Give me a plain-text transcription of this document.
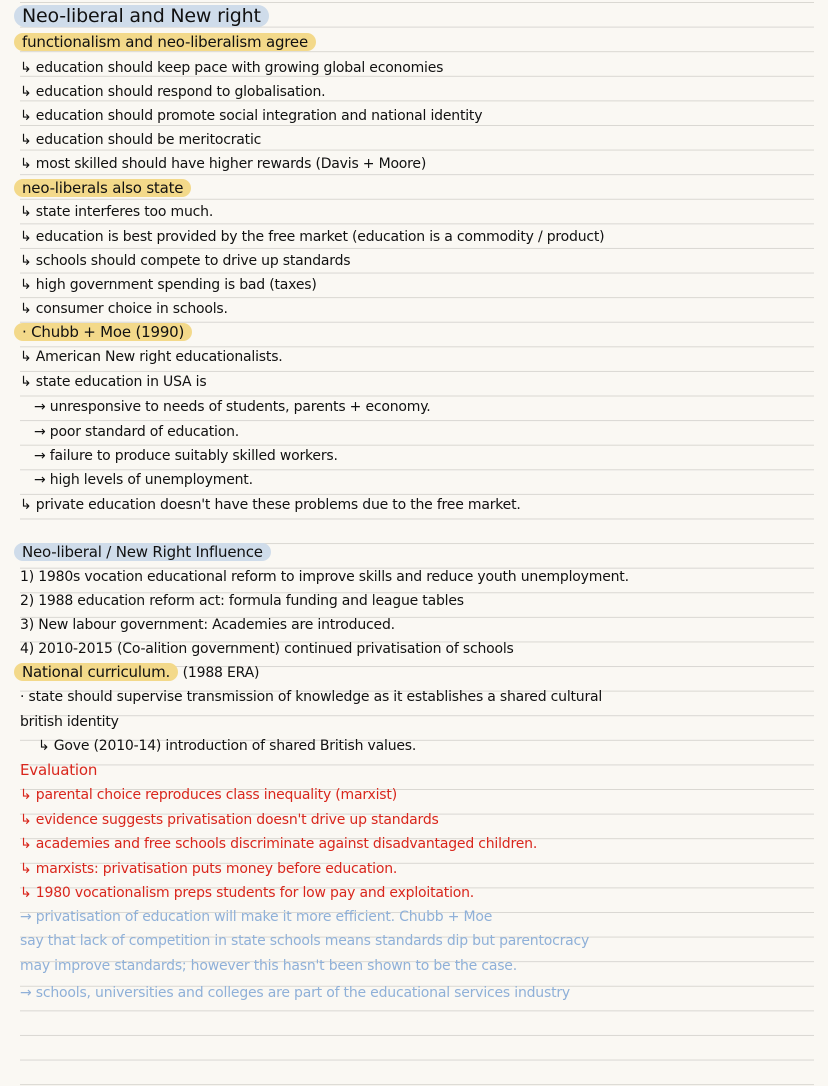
Neo-liberal and New right
functionalism and neo-liberalism agree
↳ education should keep pace with growing global economies
↳ education should respond to globalisation.
↳ education should promote social integration and national identity
↳ education should be meritocratic
↳ most skilled should have higher rewards (Davis + Moore)
neo-liberals also state
↳ state interferes too much.
↳ education is best provided by the free market (education is a commodity / product)
↳ schools should compete to drive up standards
↳ high government spending is bad (taxes)
↳ consumer choice in schools.
· Chubb + Moe (1990)
↳ American New right educationalists.
↳ state education in USA is
→ unresponsive to needs of students, parents + economy.
→ poor standard of education.
→ failure to produce suitably skilled workers.
→ high levels of unemployment.
↳ private education doesn't have these problems due to the free market.
Neo-liberal / New Right Influence
1) 1980s vocation educational reform to improve skills and reduce youth unemployment.
2) 1988 education reform act: formula funding and league tables
3) New labour government: Academies are introduced.
4) 2010-2015 (Co-alition government) continued privatisation of schools
National curriculum. (1988 ERA)
· state should supervise transmission of knowledge as it establishes a shared cultural
british identity
↳ Gove (2010-14) introduction of shared British values.
Evaluation
↳ parental choice reproduces class inequality (marxist)
↳ evidence suggests privatisation doesn't drive up standards
↳ academies and free schools discriminate against disadvantaged children.
↳ marxists: privatisation puts money before education.
↳ 1980 vocationalism preps students for low pay and exploitation.
→ privatisation of education will make it more efficient. Chubb + Moe
say that lack of competition in state schools means standards dip but parentocracy
may improve standards; however this hasn't been shown to be the case.
→ schools, universities and colleges are part of the educational services industry
